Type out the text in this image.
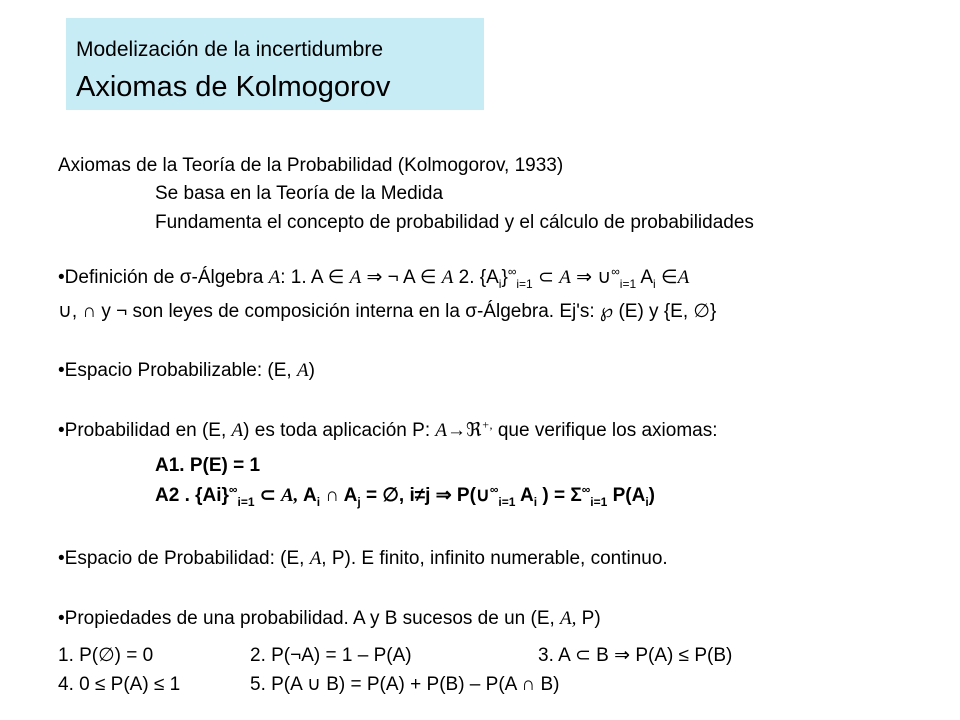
Modelización de la incertidumbre
Axiomas de Kolmogorov
Axiomas de la Teoría de la Probabilidad (Kolmogorov, 1933)
Se basa en la Teoría de la Medida
Fundamenta el concepto de probabilidad y el cálculo de probabilidades
•Definición de σ-Álgebra A: 1. A ∈ A ⇒ ¬ A ∈ A 2. $\{A_i\}^\infty_{i=1}$ ⊂ A ⇒ $\cup^\infty_{i=1}$ $A_i$ ∈A
∪, ∩ y ¬ son leyes de composición interna en la σ-Álgebra. Ej's: ℘ (E) y {E, ∅}
•Espacio Probabilizable: (E, A)
•Probabilidad en (E, A) es toda aplicación P: A→ℜ+, que verifique los axiomas:
A1. P(E) = 1
A2 . $\{Ai\}^\infty_{i=1}$ ⊂ A, $A_i$ ∩ $A_j$ = ∅, i≠j ⇒ $P(\cup^\infty_{i=1}$ $A_i$ ) = $\Sigma^\infty_{i=1}$ $P(A_i)$
•Espacio de Probabilidad: (E, A, P). E finito, infinito numerable, continuo.
•Propiedades de una probabilidad. A y B sucesos de un (E, A, P)
1. P(∅) = 0	2. P(¬A) = 1 – P(A)	3. A ⊂ B ⇒ P(A) ≤ P(B)
4. 0 ≤ P(A) ≤ 1	5. P(A ∪ B) = P(A) + P(B) – P(A ∩ B)
